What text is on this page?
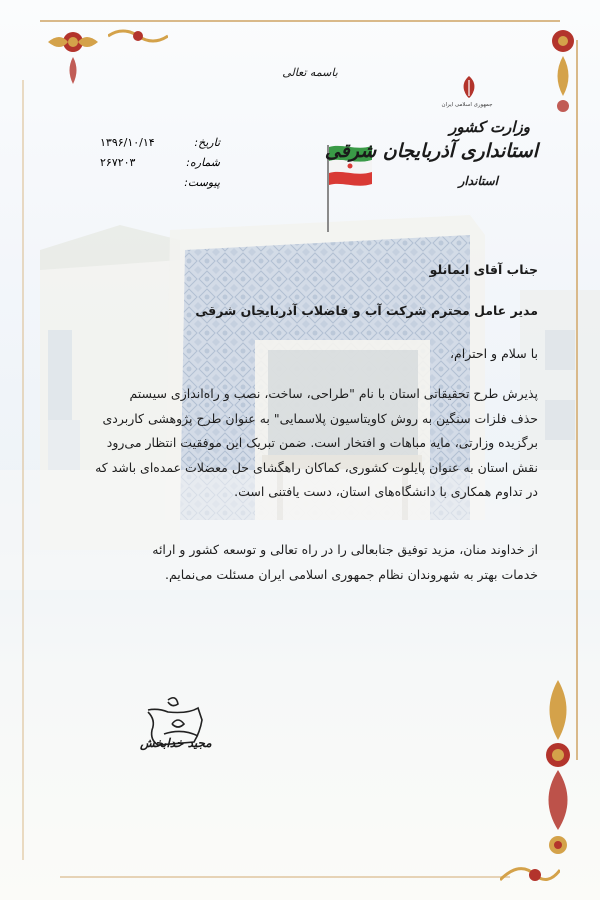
باسمه تعالی
جمهوری اسلامی ایران
وزارت کشور
استانداری آذربایجان شرقی
استاندار
تاریخ:
۱۳۹۶/۱۰/۱۴
شماره:
۲۶۷۲۰۳
پیوست:
جناب آقای ایمانلو
مدیر عامل محترم شرکت آب و فاضلاب آذربایجان شرقی
با سلام و احترام،

پذیرش طرح تحقیقاتی استان با نام "طراحی، ساخت، نصب و راه‌اندازی سیستم

حذف فلزات سنگین به روش کاویتاسیون پلاسمایی" به عنوان طرح پژوهشی کاربردی

برگزیده وزارتی، مایه مباهات و افتخار است. ضمن تبریک این موفقیت انتظار می‌رود

نقش استان به عنوان پایلوت کشوری، کماکان راهگشای حل معضلات عمده‌ای باشد که

در تداوم همکاری با دانشگاه‌های استان، دست یافتنی است.

از خداوند منان، مزید توفیق جنابعالی را در راه تعالی و توسعه کشور و ارائه

خدمات بهتر به شهروندان نظام جمهوری اسلامی ایران مسئلت می‌نمایم.

مجید خدابخش
